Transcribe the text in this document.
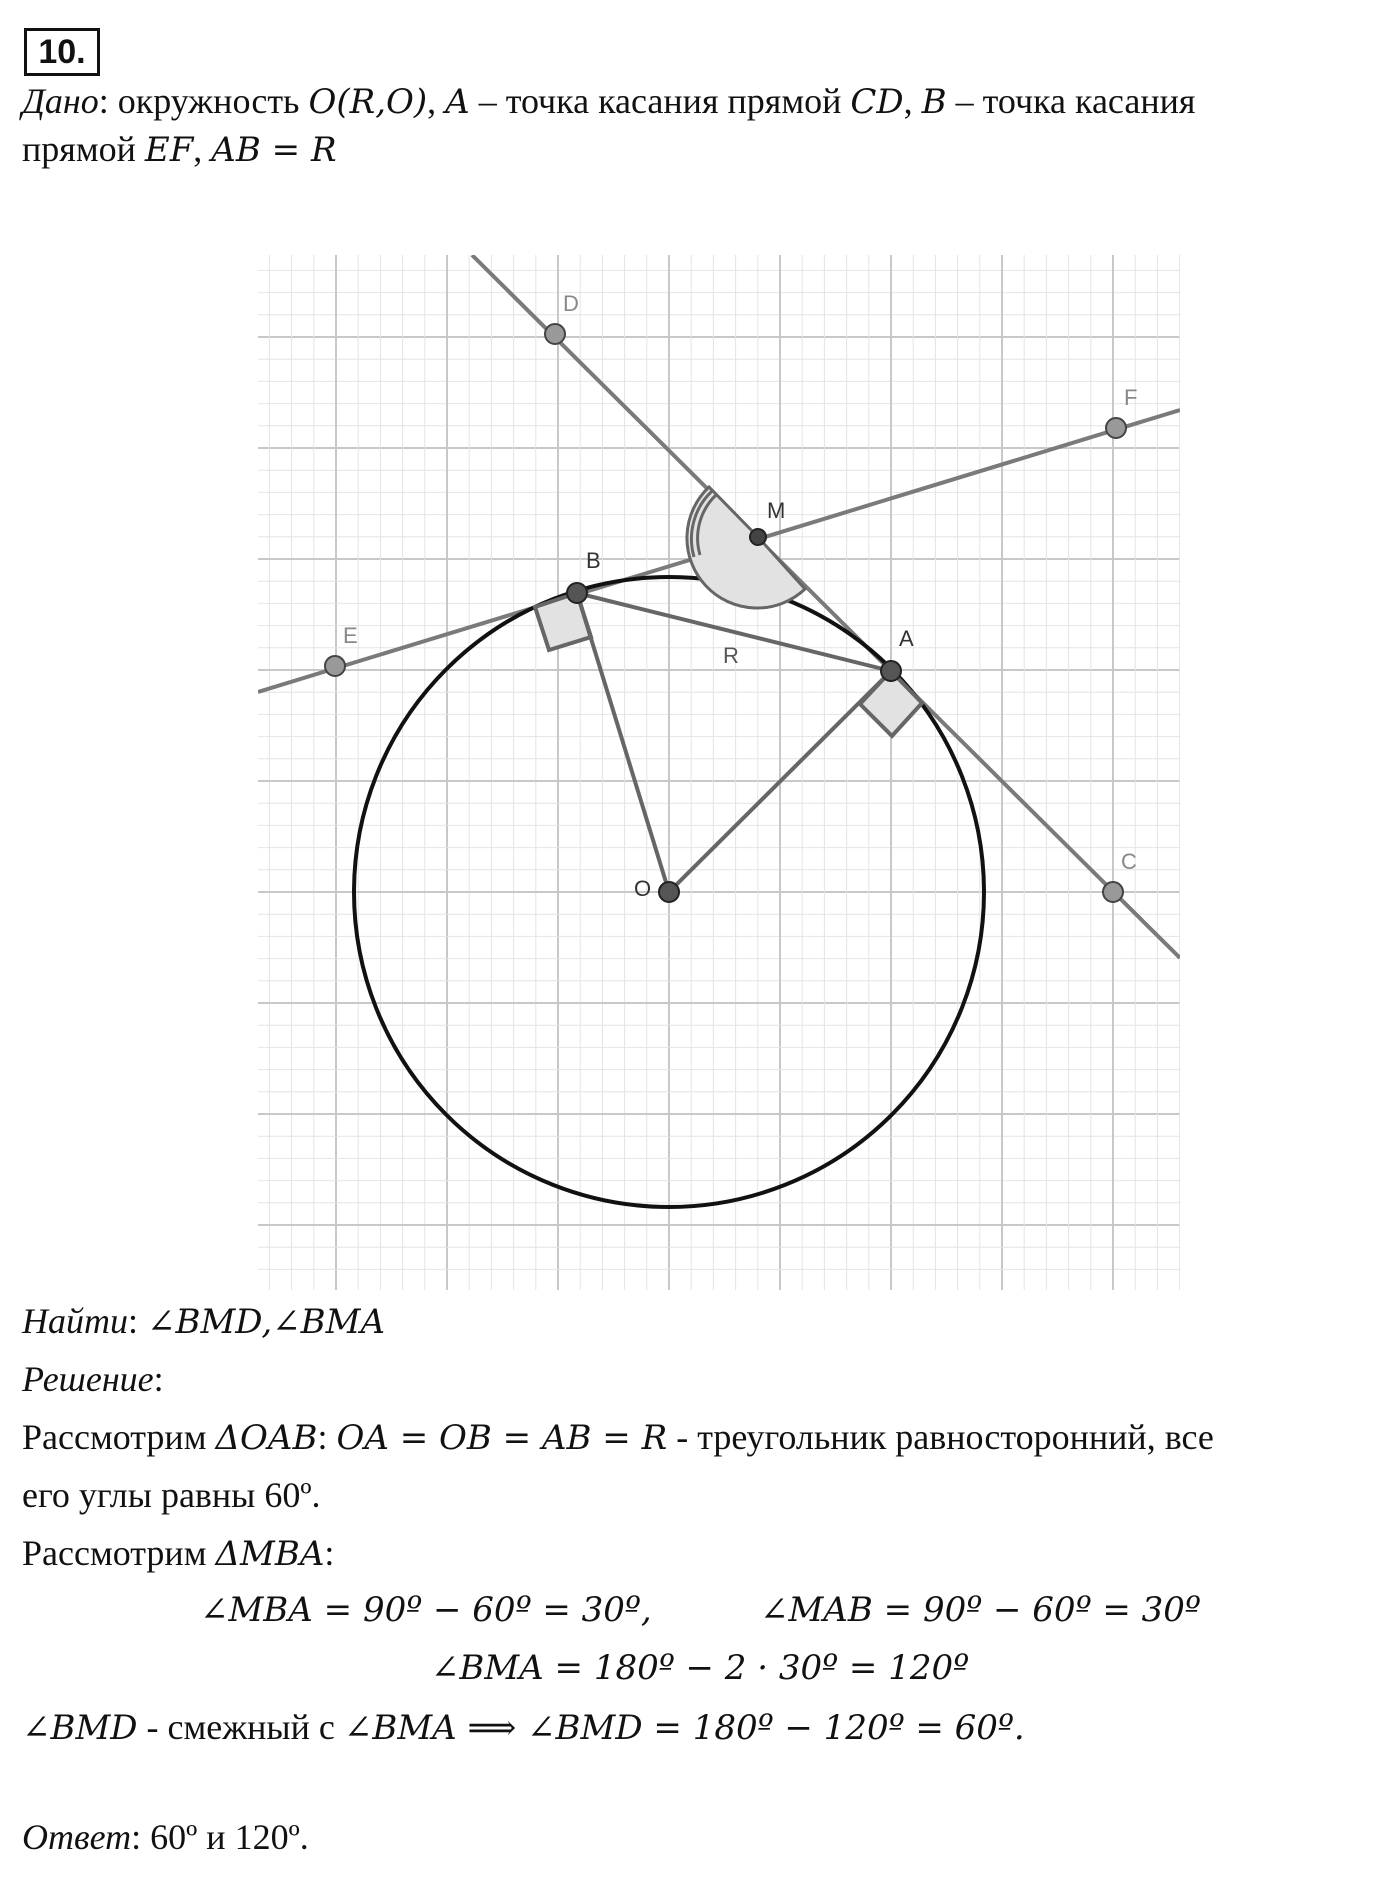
10.
Дано: окружность O(R,O), A – точка касания прямой CD, B – точка касания
прямой EF, AB = R
D
F
M
B
E
R
A
O
C
Найти: ∠BMD,∠BMA
Решение:
Рассмотрим ΔOAB: OA = OB = AB = R - треугольник равносторонний, все
его углы равны 60º.
Рассмотрим ΔMBA:
∠MBA = 90º − 60º = 30º,	∠MAB = 90º − 60º = 30º
∠BMA = 180º − 2 · 30º = 120º
∠BMD - смежный с ∠BMA ⟹ ∠BMD = 180º − 120º = 60º.
Ответ: 60º и 120º.
